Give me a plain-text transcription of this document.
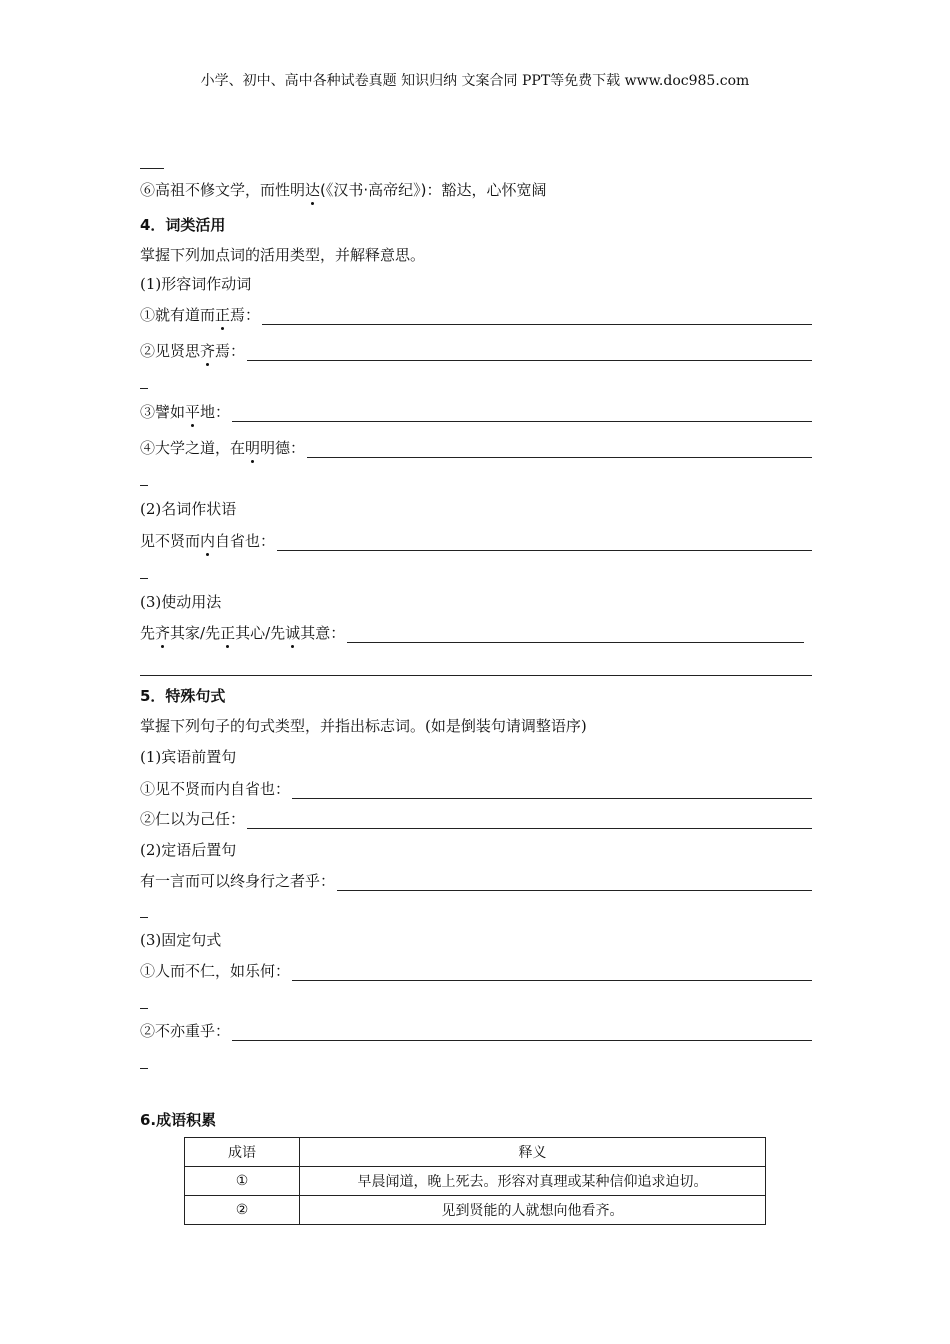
小学、初中、高中各种试卷真题 知识归纳 文案合同 PPT等免费下载 www.doc985.com
⑥高祖不修文学，而性明达(《汉书·高帝纪》)：豁达，心怀宽阔
4．词类活用
掌握下列加点词的活用类型，并解释意思。
(1)形容词作动词
①就有道而正焉：
②见贤思齐焉：
③譬如平地：
④大学之道，在明明德：
(2)名词作状语
见不贤而内自省也：
(3)使动用法
先齐其家/先正其心/先诚其意：
5．特殊句式
掌握下列句子的句式类型，并指出标志词。(如是倒装句请调整语序)
(1)宾语前置句
①见不贤而内自省也：
②仁以为己任：
(2)定语后置句
有一言而可以终身行之者乎：
(3)固定句式
①人而不仁，如乐何：
②不亦重乎：
6.成语积累
成语	释义
①	早晨闻道，晚上死去。形容对真理或某种信仰追求迫切。
②	见到贤能的人就想向他看齐。
